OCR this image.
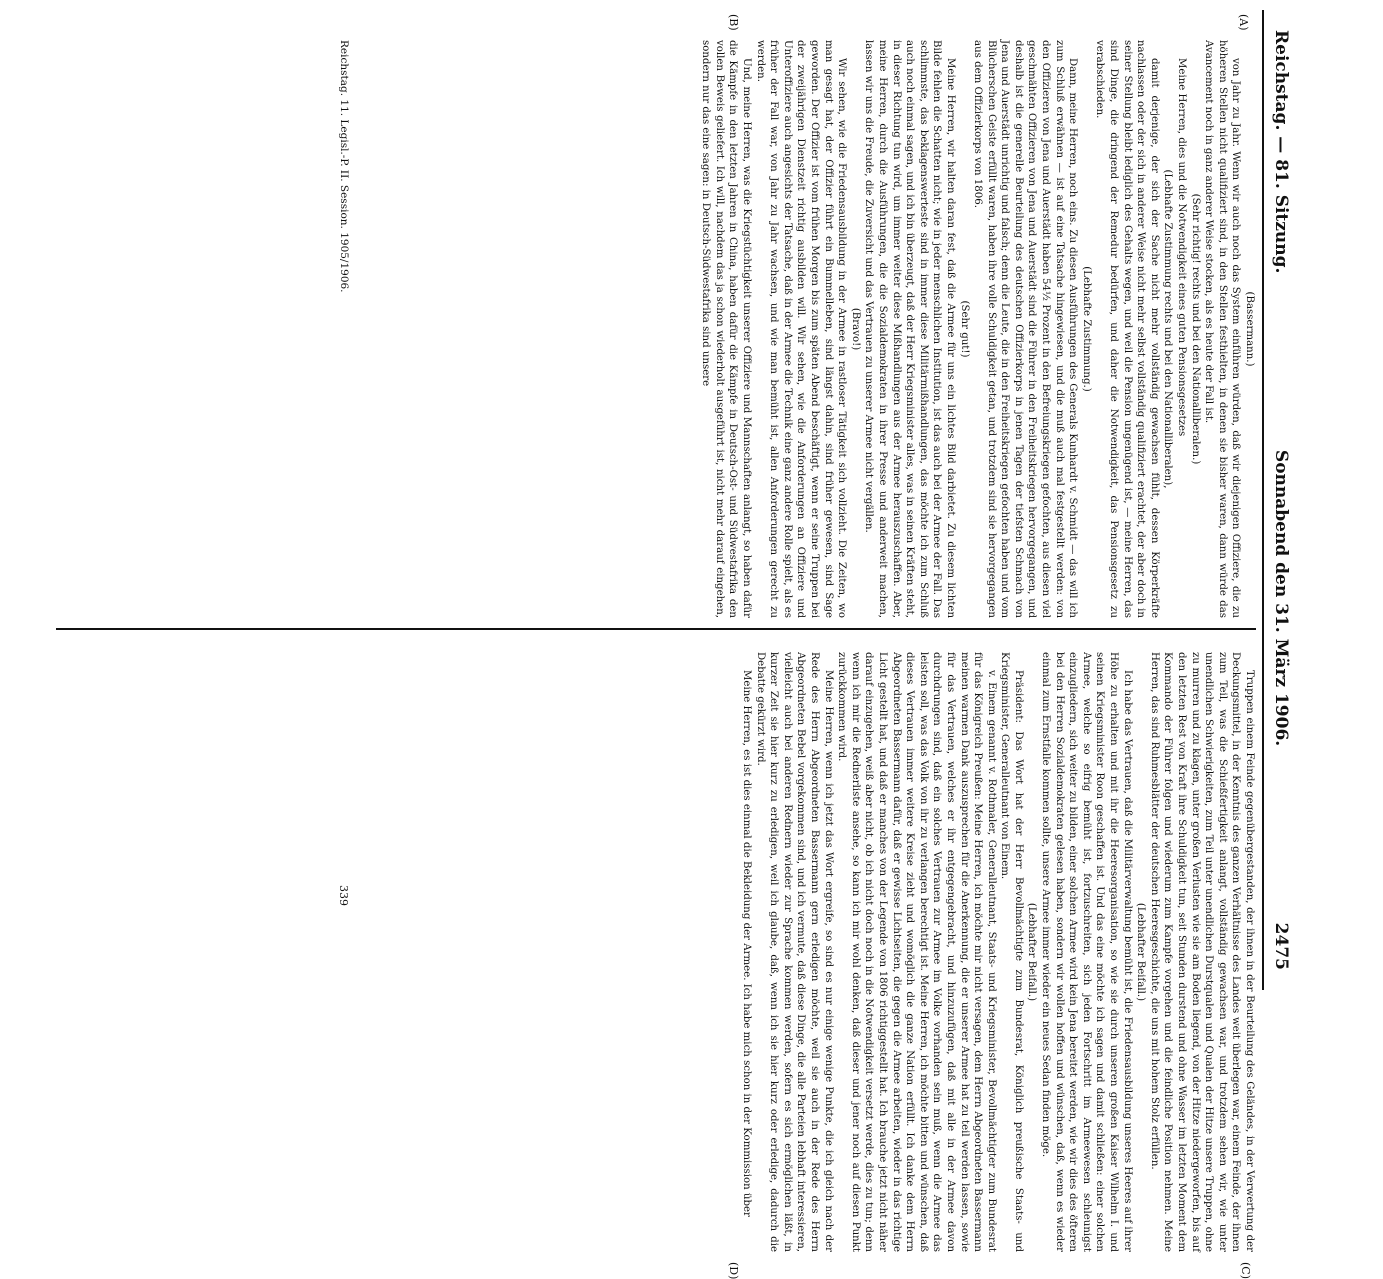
Reichstag. — 81. Sitzung.
Sonnabend den 31. März 1906.
2475
(A)
(B)
(C)
(D)

(Bassermann.)

von Jahr zu Jahr. Wenn wir auch noch das System einführen würden, daß wir diejenigen Offiziere, die zu höheren Stellen nicht qualifiziert sind, in den Stellen festhielten, in denen sie bisher waren, dann würde das Avancement noch in ganz anderer Weise stocken, als es heute der Fall ist.

(Sehr richtig! rechts und bei den Nationalliberalen.)

Meine Herren, dies und die Notwendigkeit eines guten Pensionsgesetzes

(Lebhafte Zustimmung rechts und bei den Nationalliberalen),

damit derjenige, der sich der Sache nicht mehr vollständig gewachsen fühlt, dessen Körperkräfte nachlassen oder der sich in anderer Weise nicht mehr selbst vollständig qualifiziert erachtet, der aber doch in seiner Stellung bleibt lediglich des Gehalts wegen, und weil die Pension ungenügend ist, — meine Herren, das sind Dinge, die dringend der Remedur bedürfen, und daher die Notwendigkeit, das Pensionsgesetz zu verabschieden.

(Lebhafte Zustimmung.)

Dann, meine Herren, noch eins. Zu diesen Ausführungen des Generals Kunhardt v. Schmidt — das will ich zum Schluß erwähnen — ist auf eine Tatsache hingewiesen, und die muß auch mal festgestellt werden: von den Offizieren von Jena und Auerstädt haben 54½ Prozent in den Befreiungskriegen gefochten, aus diesen viel geschmähten Offizieren von Jena und Auerstädt sind die Führer in den Freiheitskriegen hervorgegangen, und deshalb ist die generelle Beurteilung des deutschen Offizierkorps in jenen Tagen der tiefsten Schmach von Jena und Auerstädt unrichtig und falsch; denn die Leute, die in den Freiheitskriegen gefochten haben und vom Blücherschen Geiste erfüllt waren, haben ihre volle Schuldigkeit getan, und trotzdem sind sie hervorgegangen aus dem Offizierkorps von 1806.

(Sehr gut!)

Meine Herren, wir halten daran fest, daß die Armee für uns ein lichtes Bild darbietet. Zu diesem lichten Bilde fehlen die Schatten nicht; wie in jeder menschlichen Institution, ist das auch bei der Armee der Fall. Das schlimmste, das beklagenswerteste sind in immer diese Militärmißhandlungen, das möchte ich zum Schluß auch noch einmal sagen, und ich bin überzeugt, daß der Herr Kriegsminister alles, was in seinen Kräften steht, in dieser Richtung tun wird, um immer weiter diese Mißhandlungen aus der Armee herauszuschaffen. Aber, meine Herren, durch die Ausführungen, die die Sozialdemokraten in ihrer Presse und anderweit machen, lassen wir uns die Freude, die Zuversicht und das Vertrauen zu unserer Armee nicht vergällen.

(Bravo!)

Wir sehen, wie die Friedensausbildung in der Armee in rastloser Tätigkeit sich vollzieht. Die Zeiten, wo man gesagt hat, der Offizier führt ein Bummelleben, sind längst dahin, sind früher gewesen, sind Sage geworden. Der Offizier ist vom frühen Morgen bis zum späten Abend beschäftigt, wenn er seine Truppen bei der zweijährigen Dienstzeit richtig ausbilden will. Wir sehen, wie die Anforderungen an Offiziere und Unteroffiziere auch angesichts der Tatsache, daß in der Armee die Technik eine ganz andere Rolle spielt, als es früher der Fall war, von Jahr zu Jahr wachsen, und wie man bemüht ist, allen Anforderungen gerecht zu werden.

Und, meine Herren, was die Kriegstüchtigkeit unserer Offiziere und Mannschaften anlangt, so haben dafür die Kämpfe in den letzten Jahren in China, haben dafür die Kämpfe in Deutsch-Ost- und Südwestafrika den vollen Beweis geliefert. Ich will, nachdem das ja schon wiederholt ausgeführt ist, nicht mehr darauf eingehen, sondern nur das eine sagen: in Deutsch-Südwestafrika sind unsere

Truppen einem Feinde gegenübergestanden, der ihnen in der Beurteilung des Geländes, in der Verwertung der Deckungsmittel, in der Kenntnis des ganzen Verhältnisse des Landes weit überlegen war, einem Feinde, der ihnen zum Teil, was die Schießfertigkeit anlangt, vollständig gewachsen war, und trotzdem sehen wir, wie unter unendlichen Schwierigkeiten, zum Teil unter unendlichen Durstqualen und Qualen der Hitze unsere Truppen, ohne zu murren und zu klagen, unter großen Verlusten wie sie am Boden liegend, von der Hitze niedergeworfen, bis auf den letzten Rest von Kraft ihre Schuldigkeit tun, seit Stunden durstend und ohne Wasser im letzten Moment dem Kommando der Führer folgen und wiederum zum Kampfe vorgehen und die feindliche Position nehmen. Meine Herren, das sind Ruhmesblätter der deutschen Heeresgeschichte, die uns mit hohem Stolz erfüllen.

(Lebhafter Beifall.)

Ich habe das Vertrauen, daß die Militärverwaltung bemüht ist, die Friedensausbildung unseres Heeres auf ihrer Höhe zu erhalten und mit ihr die Heeresorganisation, so wie sie durch unseren großen Kaiser Wilhelm I. und seinen Kriegsminister Roon geschaffen ist. Und das eine möchte ich sagen und damit schließen: einer solchen Armee, welche so eifrig bemüht ist, fortzuschreiten, sich jeden Fortschritt im Armeewesen schleunigst einzugliedern, sich weiter zu bilden, einer solchen Armee wird kein Jena bereitet werden, wie wir dies des öfteren bei den Herren Sozialdemokraten gelesen haben, sondern wir wollen hoffen und wünschen, daß, wenn es wieder einmal zum Ernstfalle kommen sollte, unsere Armee immer wieder ein neues Sedan finden möge.

(Lebhafter Beifall.)

Präsident: Das Wort hat der Herr Bevollmächtigte zum Bundesrat, Königlich preußische Staats- und Kriegsminister, Generalleutnant von Einem.

v. Einem genannt v. Rothmaler, Generalleutnant, Staats- und Kriegsminister, Bevollmächtigter zum Bundesrat für das Königreich Preußen: Meine Herren, ich möchte mir nicht versagen, dem Herrn Abgeordneten Bassermann meinen warmen Dank auszusprechen für die Anerkennung, die er unserer Armee hat zu teil werden lassen, sowie für das Vertrauen, welches er ihr entgegengebracht, und hinzuzufügen, daß mit alle in der Armee davon durchdrungen sind, daß ein solches Vertrauen zur Armee im Volke vorhanden sein muß, wenn die Armee das leisten soll, was das Volk von ihr zu verlangen berechtigt ist. Meine Herren, ich möchte bitten und wünschen, daß dieses Vertrauen immer weitere Kreise zieht und womöglich die ganze Nation erfüllt. Ich danke dem Herrn Abgeordneten Bassermann dafür, daß er gewisse Lichtseiten, die gegen die Armee arbeiten, wieder in das richtige Licht gestellt hat, und daß er manches von der Legende von 1806 richtiggestellt hat. Ich brauche jetzt nicht näher darauf einzugehen, weiß aber nicht, ob ich nicht doch noch in die Notwendigkeit versetzt werde, dies zu tun; denn wenn ich mir die Rednerliste ansehe, so kann ich mir wohl denken, daß dieser und jener noch auf diesen Punkt zurückkommen wird.

Meine Herren, wenn ich jetzt das Wort ergreife, so sind es nur einige wenige Punkte, die ich gleich nach der Rede des Herrn Abgeordneten Bassermann gern erledigen möchte, weil sie auch in der Rede des Herrn Abgeordneten Bebel vorgekommen sind, und ich vermute, daß diese Dinge, die alle Parteien lebhaft interessieren, vielleicht auch bei anderen Rednern wieder zur Sprache kommen werden, sofern es sich ermöglichen läßt, in kurzer Zeit sie hier kurz zu erledigen, weil ich glaube, daß, wenn ich sie hier kurz oder erledige, dadurch die Debatte gekürzt wird.

Meine Herren, es ist dies einmal die Bekleidung der Armee. Ich habe mich schon in der Kommission über

Reichstag. 11. Legisl.-P. II. Session. 1905/1906.
339
